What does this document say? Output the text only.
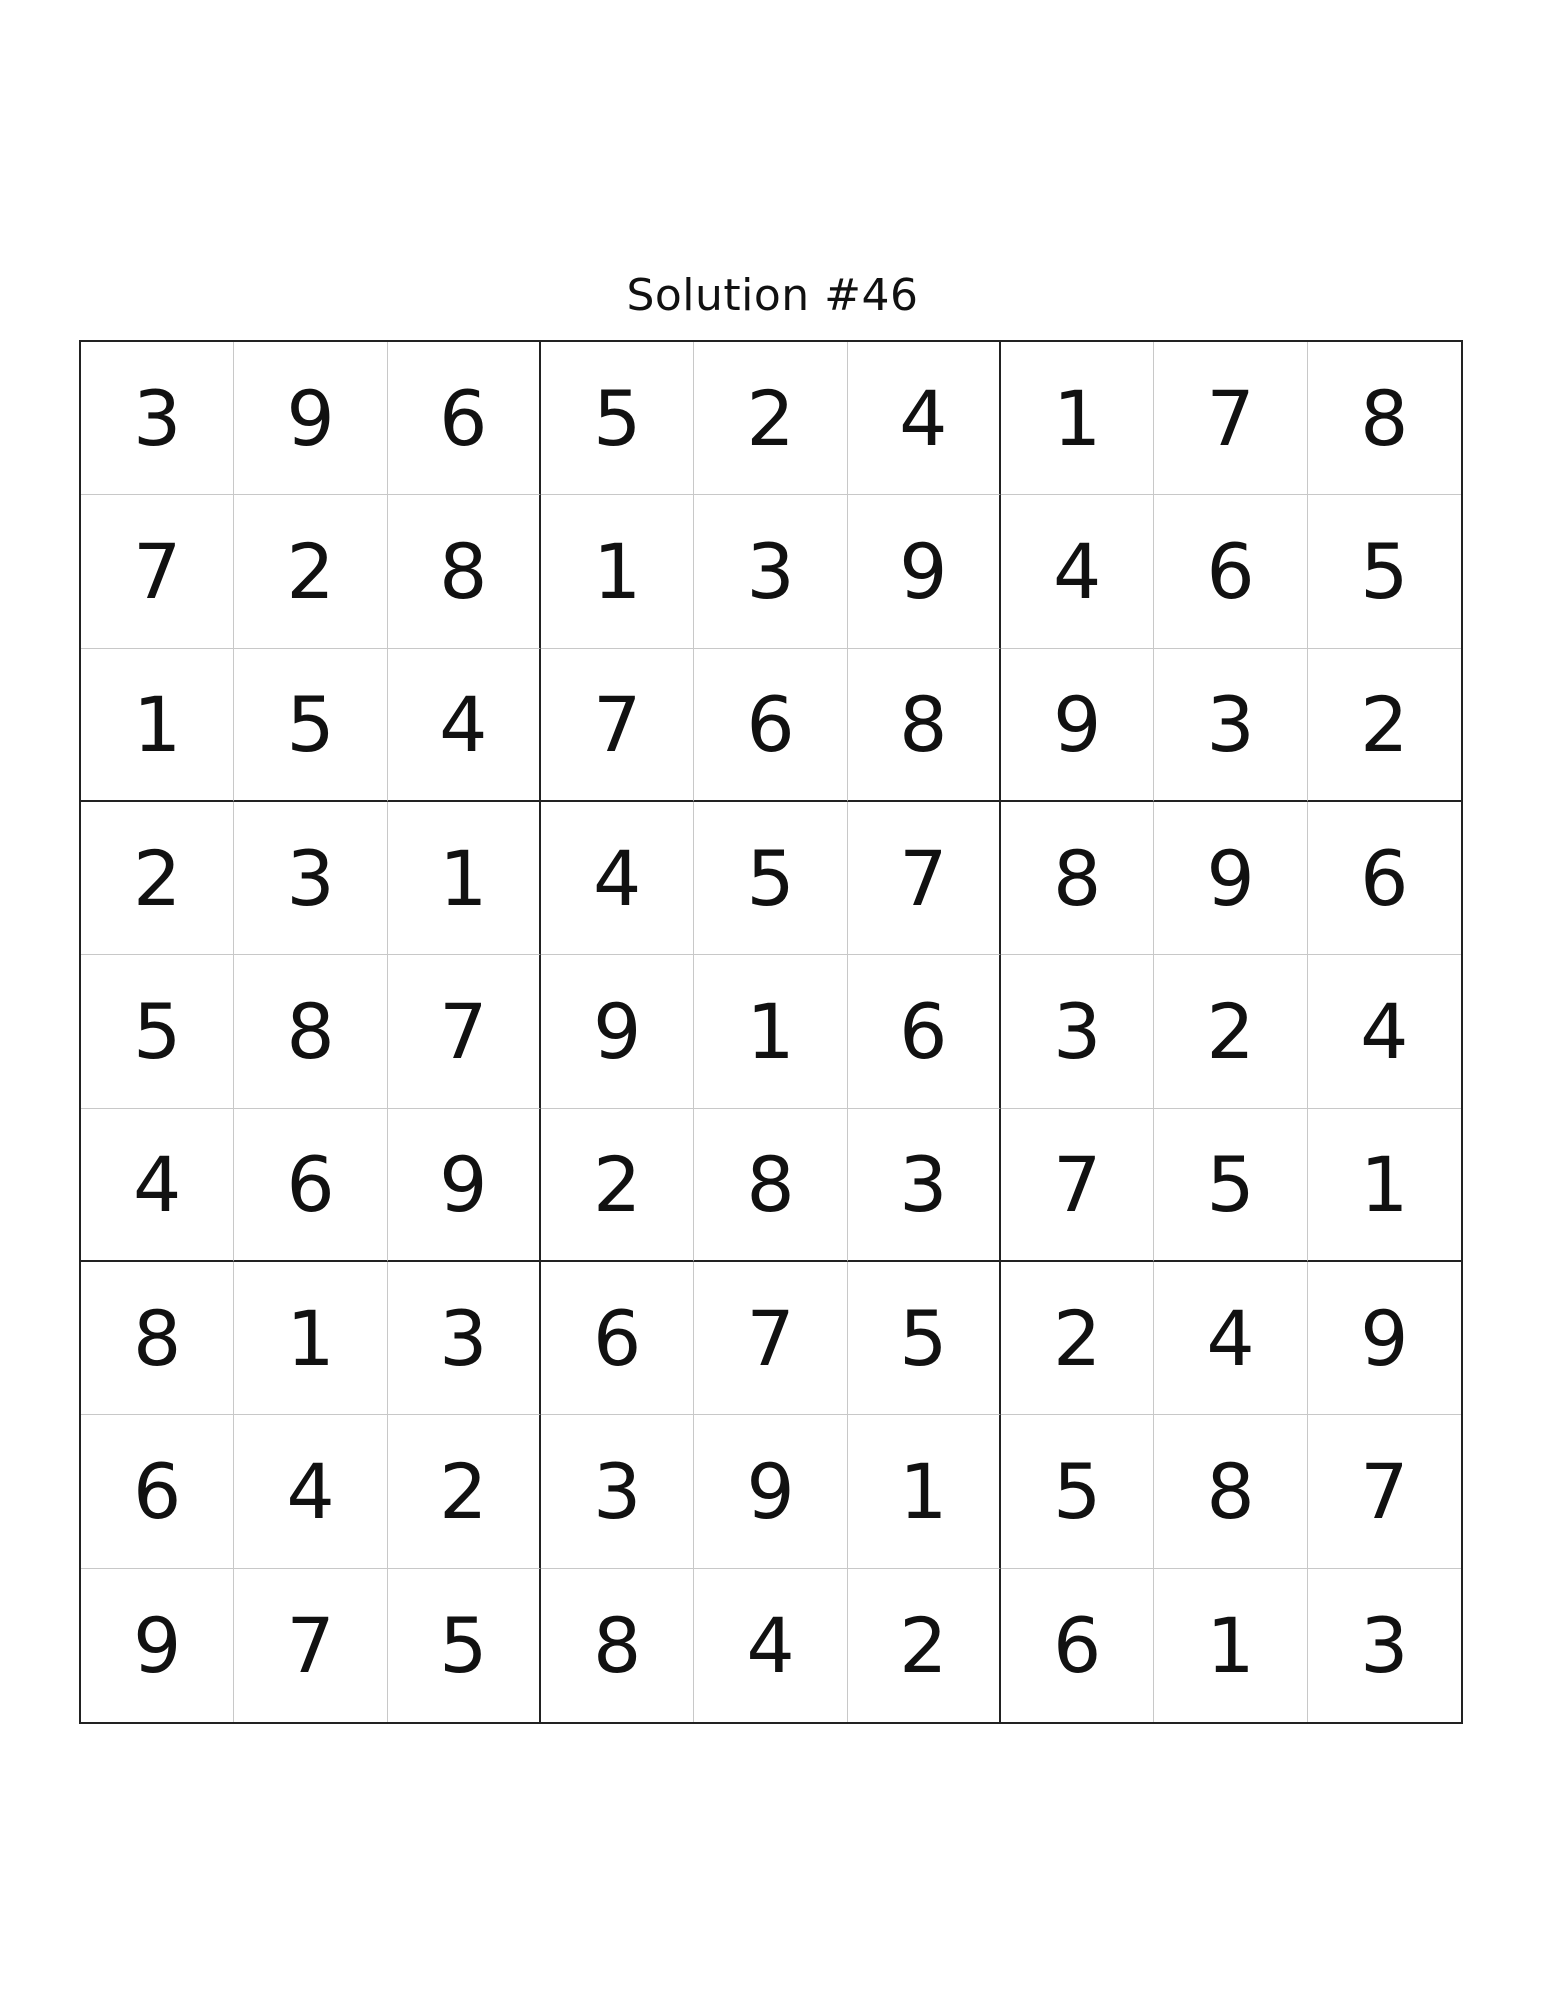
Solution #46
3	9	6	5	2	4	1	7	8
7	2	8	1	3	9	4	6	5
1	5	4	7	6	8	9	3	2
2	3	1	4	5	7	8	9	6
5	8	7	9	1	6	3	2	4
4	6	9	2	8	3	7	5	1
8	1	3	6	7	5	2	4	9
6	4	2	3	9	1	5	8	7
9	7	5	8	4	2	6	1	3
